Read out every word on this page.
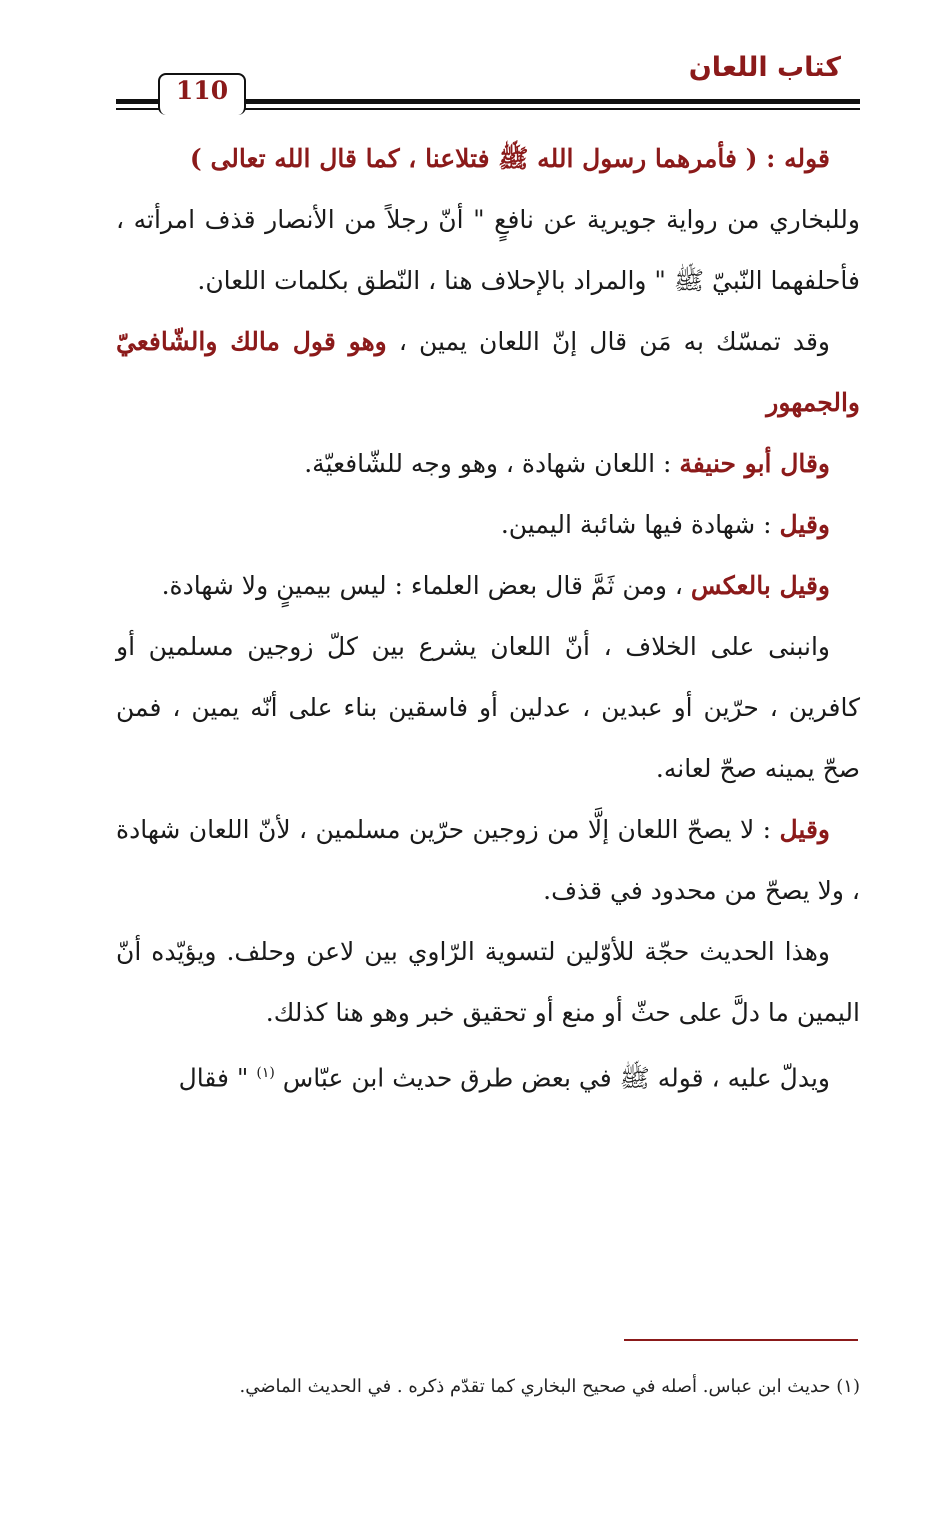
كتاب اللعان
110

قوله : ( فأمرهما رسول الله ﷺ فتلاعنا ، كما قال الله تعالى )
وللبخاري من رواية جويرية عن نافعٍ " أنّ رجلاً من الأنصار قذف امرأته ، فأحلفهما النّبيّ ﷺ " والمراد بالإحلاف هنا ، النّطق بكلمات اللعان.

وقد تمسّك به مَن قال إنّ اللعان يمين ، وهو قول مالك والشّافعيّ والجمهور

وقال أبو حنيفة : اللعان شهادة ، وهو وجه للشّافعيّة.

وقيل : شهادة فيها شائبة اليمين.

وقيل بالعكس ، ومن ثَمَّ قال بعض العلماء : ليس بيمينٍ ولا شهادة.

وانبنى على الخلاف ، أنّ اللعان يشرع بين كلّ زوجين مسلمين أو كافرين ، حرّين أو عبدين ، عدلين أو فاسقين بناء على أنّه يمين ، فمن صحّ يمينه صحّ لعانه.

وقيل : لا يصحّ اللعان إلَّا من زوجين حرّين مسلمين ، لأنّ اللعان شهادة ، ولا يصحّ من محدود في قذف.

وهذا الحديث حجّة للأوّلين لتسوية الرّاوي بين لاعن وحلف. ويؤيّده أنّ اليمين ما دلَّ على حثّ أو منع أو تحقيق خبر وهو هنا كذلك.

ويدلّ عليه ، قوله ﷺ في بعض طرق حديث ابن عبّاس $^{(١)}$ " فقال

(١) حديث ابن عباس. أصله في صحيح البخاري كما تقدّم ذكره . في الحديث الماضي.
